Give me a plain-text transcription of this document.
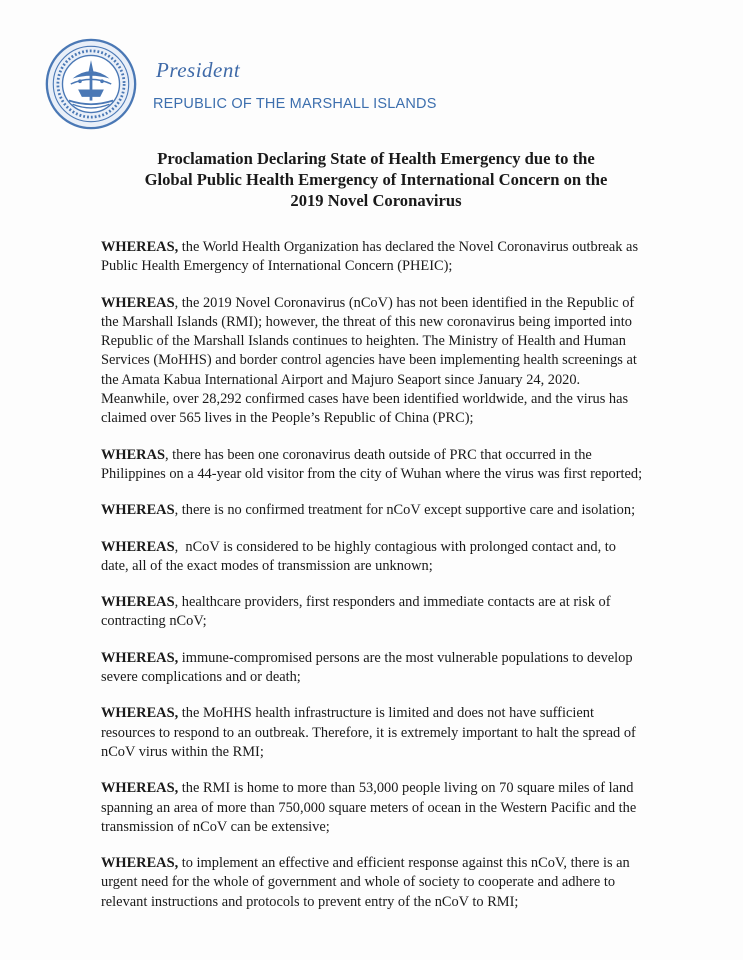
President
REPUBLIC OF THE MARSHALL ISLANDS
Proclamation Declaring State of Health Emergency due to the
Global Public Health Emergency of International Concern on the
2019 Novel Coronavirus

WHEREAS, the World Health Organization has declared the Novel Coronavirus outbreak as
Public Health Emergency of International Concern (PHEIC);

WHEREAS, the 2019 Novel Coronavirus (nCoV) has not been identified in the Republic of
the Marshall Islands (RMI); however, the threat of this new coronavirus being imported into
Republic of the Marshall Islands continues to heighten. The Ministry of Health and Human
Services (MoHHS) and border control agencies have been implementing health screenings at
the Amata Kabua International Airport and Majuro Seaport since January 24, 2020.
Meanwhile, over 28,292 confirmed cases have been identified worldwide, and the virus has
claimed over 565 lives in the People’s Republic of China (PRC);

WHERAS, there has been one coronavirus death outside of PRC that occurred in the
Philippines on a 44-year old visitor from the city of Wuhan where the virus was first reported;

WHEREAS, there is no confirmed treatment for nCoV except supportive care and isolation;

WHEREAS,  nCoV is considered to be highly contagious with prolonged contact and, to
date, all of the exact modes of transmission are unknown;

WHEREAS, healthcare providers, first responders and immediate contacts are at risk of
contracting nCoV;

WHEREAS, immune-compromised persons are the most vulnerable populations to develop
severe complications and or death;

WHEREAS, the MoHHS health infrastructure is limited and does not have sufficient
resources to respond to an outbreak. Therefore, it is extremely important to halt the spread of
nCoV virus within the RMI;

WHEREAS, the RMI is home to more than 53,000 people living on 70 square miles of land
spanning an area of more than 750,000 square meters of ocean in the Western Pacific and the
transmission of nCoV can be extensive;

WHEREAS, to implement an effective and efficient response against this nCoV, there is an
urgent need for the whole of government and whole of society to cooperate and adhere to
relevant instructions and protocols to prevent entry of the nCoV to RMI;
